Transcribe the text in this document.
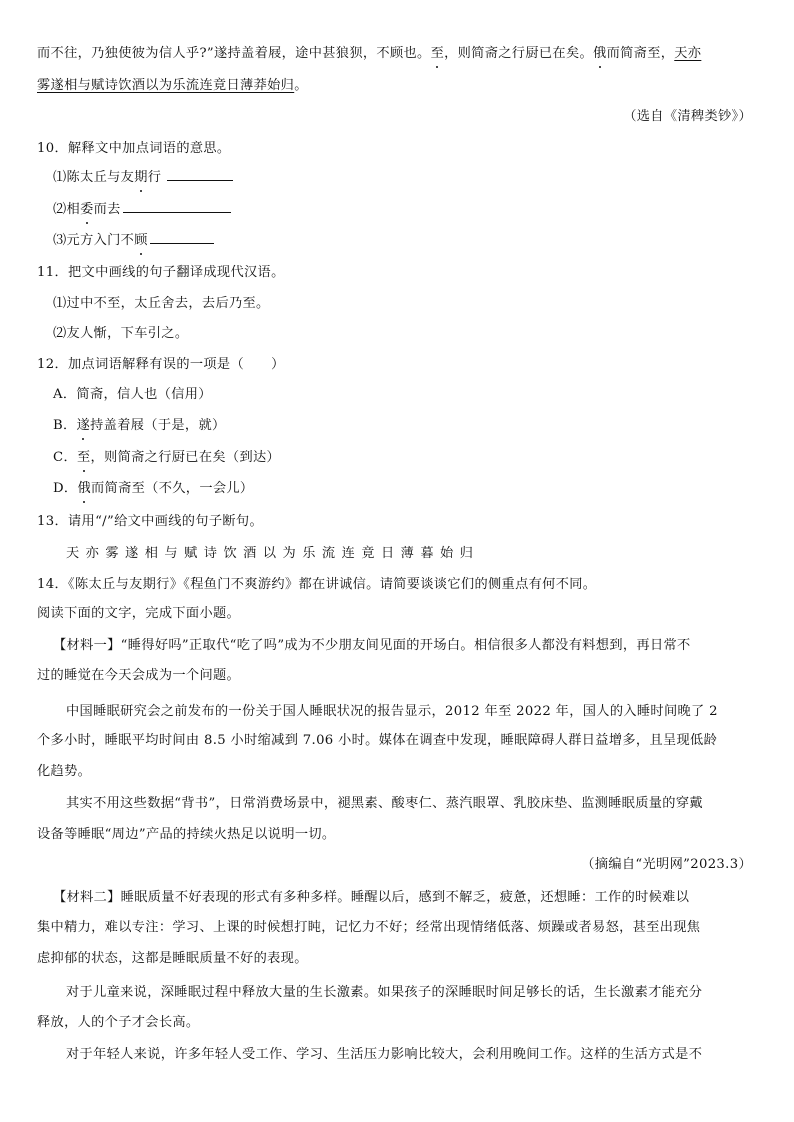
而不往，乃独使彼为信人乎?”遂持盖着屐，途中甚狼狈，不顾也。至，则简斋之行厨已在矣。俄而简斋至，天亦
雾遂相与赋诗饮酒以为乐流连竟日薄莽始归。
（选自《清稗类钞》）
10．解释文中加点词语的意思。
⑴陈太丘与友期行
⑵相委而去
⑶元方入门不顾
11．把文中画线的句子翻译成现代汉语。
⑴过中不至，太丘舍去，去后乃至。
⑵友人惭，下车引之。
12．加点词语解释有误的一项是（　　）
A．简斋，信人也（信用）
B．遂持盖着屐（于是，就）
C．至，则简斋之行厨已在矣（到达）
D．俄而简斋至（不久，一会儿）
13．请用“/”给文中画线的句子断句。
天亦雾遂相与赋诗饮酒以为乐流连竟日薄暮始归
14．《陈太丘与友期行》《程鱼门不爽游约》都在讲诚信。请简要谈谈它们的侧重点有何不同。
阅读下面的文字，完成下面小题。
【材料一】“睡得好吗”正取代“吃了吗”成为不少朋友间见面的开场白。相信很多人都没有料想到，再日常不
过的睡觉在今天会成为一个问题。
中国睡眠研究会之前发布的一份关于国人睡眠状况的报告显示，2012 年至 2022 年，国人的入睡时间晚了 2
个多小时，睡眠平均时间由 8.5 小时缩减到 7.06 小时。媒体在调查中发现，睡眠障碍人群日益增多，且呈现低龄
化趋势。
其实不用这些数据“背书”，日常消费场景中，褪黑素、酸枣仁、蒸汽眼罩、乳胶床垫、监测睡眠质量的穿戴
设备等睡眠“周边”产品的持续火热足以说明一切。
（摘编自“光明网”2023.3）
【材料二】睡眠质量不好表现的形式有多种多样。睡醒以后，感到不解乏，疲惫，还想睡：工作的时候难以
集中精力，难以专注：学习、上课的时候想打盹，记忆力不好；经常出现情绪低落、烦躁或者易怒，甚至出现焦
虑抑郁的状态，这都是睡眠质量不好的表现。
对于儿童来说，深睡眠过程中释放大量的生长激素。如果孩子的深睡眠时间足够长的话，生长激素才能充分
释放，人的个子才会长高。
对于年轻人来说，许多年轻人受工作、学习、生活压力影响比较大，会利用晚间工作。这样的生活方式是不
